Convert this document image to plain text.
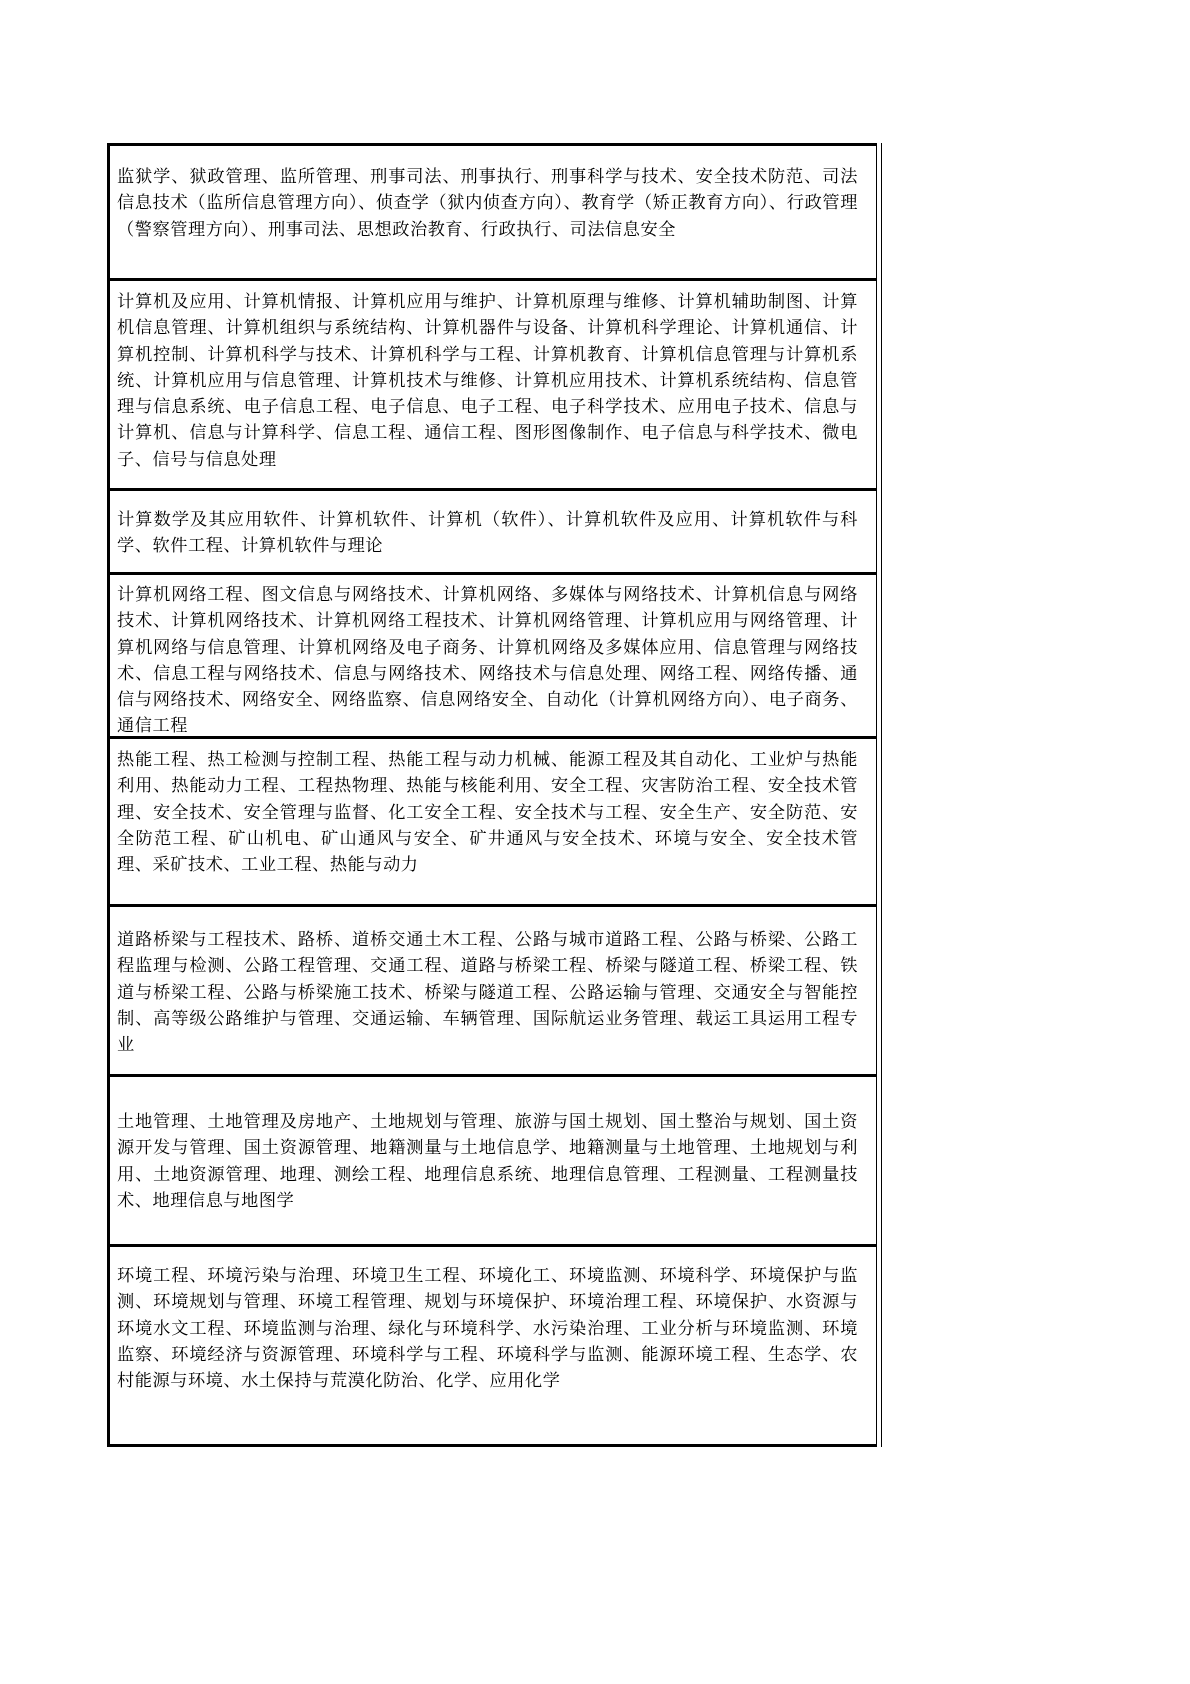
监狱学、狱政管理、监所管理、刑事司法、刑事执行、刑事科学与技术、安全技术防范、司法信息技术（监所信息管理方向）、侦查学（狱内侦查方向）、教育学（矫正教育方向）、行政管理（警察管理方向）、刑事司法、思想政治教育、行政执行、司法信息安全

计算机及应用、计算机情报、计算机应用与维护、计算机原理与维修、计算机辅助制图、计算机信息管理、计算机组织与系统结构、计算机器件与设备、计算机科学理论、计算机通信、计算机控制、计算机科学与技术、计算机科学与工程、计算机教育、计算机信息管理与计算机系统、计算机应用与信息管理、计算机技术与维修、计算机应用技术、计算机系统结构、信息管理与信息系统、电子信息工程、电子信息、电子工程、电子科学技术、应用电子技术、信息与计算机、信息与计算科学、信息工程、通信工程、图形图像制作、电子信息与科学技术、微电子、信号与信息处理

计算数学及其应用软件、计算机软件、计算机（软件）、计算机软件及应用、计算机软件与科学、软件工程、计算机软件与理论

计算机网络工程、图文信息与网络技术、计算机网络、多媒体与网络技术、计算机信息与网络技术、计算机网络技术、计算机网络工程技术、计算机网络管理、计算机应用与网络管理、计算机网络与信息管理、计算机网络及电子商务、计算机网络及多媒体应用、信息管理与网络技术、信息工程与网络技术、信息与网络技术、网络技术与信息处理、网络工程、网络传播、通信与网络技术、网络安全、网络监察、信息网络安全、自动化（计算机网络方向）、电子商务、通信工程

热能工程、热工检测与控制工程、热能工程与动力机械、能源工程及其自动化、工业炉与热能利用、热能动力工程、工程热物理、热能与核能利用、安全工程、灾害防治工程、安全技术管理、安全技术、安全管理与监督、化工安全工程、安全技术与工程、安全生产、安全防范、安全防范工程、矿山机电、矿山通风与安全、矿井通风与安全技术、环境与安全、安全技术管理、采矿技术、工业工程、热能与动力

道路桥梁与工程技术、路桥、道桥交通土木工程、公路与城市道路工程、公路与桥梁、公路工程监理与检测、公路工程管理、交通工程、道路与桥梁工程、桥梁与隧道工程、桥梁工程、铁道与桥梁工程、公路与桥梁施工技术、桥梁与隧道工程、公路运输与管理、交通安全与智能控制、高等级公路维护与管理、交通运输、车辆管理、国际航运业务管理、载运工具运用工程专业

土地管理、土地管理及房地产、土地规划与管理、旅游与国土规划、国土整治与规划、国土资源开发与管理、国土资源管理、地籍测量与土地信息学、地籍测量与土地管理、土地规划与利用、土地资源管理、地理、测绘工程、地理信息系统、地理信息管理、工程测量、工程测量技术、地理信息与地图学

环境工程、环境污染与治理、环境卫生工程、环境化工、环境监测、环境科学、环境保护与监测、环境规划与管理、环境工程管理、规划与环境保护、环境治理工程、环境保护、水资源与环境水文工程、环境监测与治理、绿化与环境科学、水污染治理、工业分析与环境监测、环境监察、环境经济与资源管理、环境科学与工程、环境科学与监测、能源环境工程、生态学、农村能源与环境、水土保持与荒漠化防治、化学、应用化学
